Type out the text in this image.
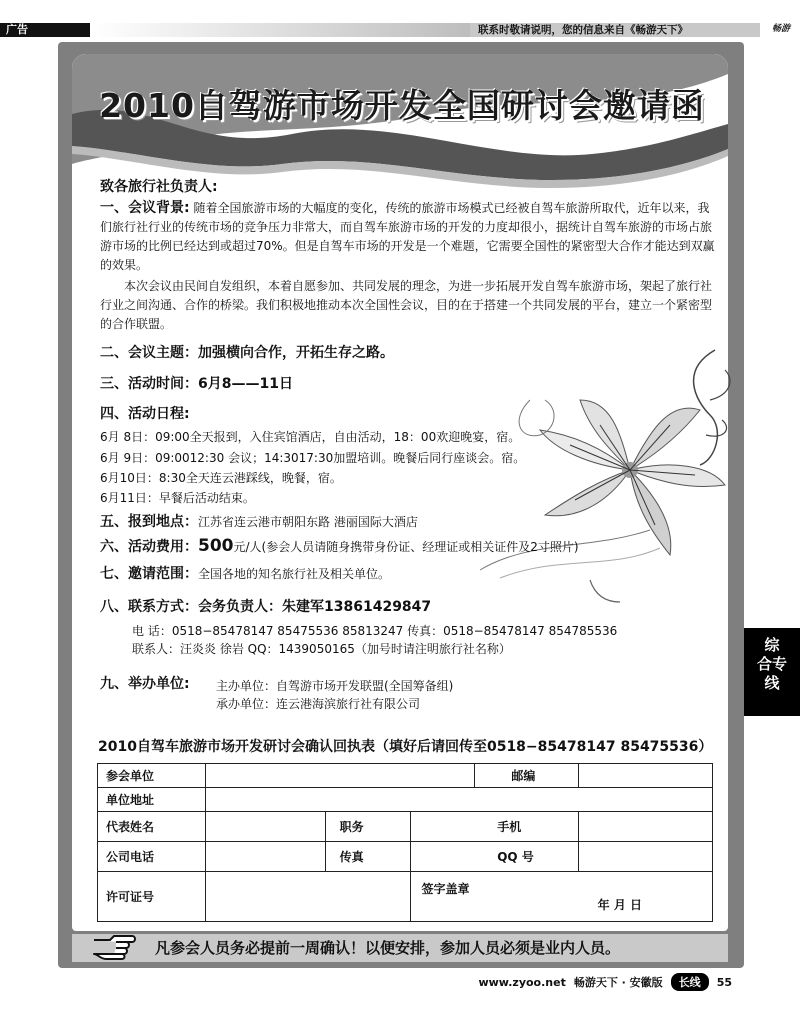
广告	联系时敬请说明，您的信息来自《畅游天下》	畅游
2010自驾游市场开发全国研讨会邀请函
致各旅行社负责人:
一、会议背景: 随着全国旅游市场的大幅度的变化，传统的旅游市场模式已经被自驾车旅游所取代，近年以来，我们旅行社行业的传统市场的竞争压力非常大，而自驾车旅游市场的开发的力度却很小，据统计自驾车旅游的市场占旅游市场的比例已经达到或超过70%。但是自驾车市场的开发是一个难题，它需要全国性的紧密型大合作才能达到双赢的效果。
本次会议由民间自发组织，本着自愿参加、共同发展的理念，为进一步拓展开发自驾车旅游市场，架起了旅行社行业之间沟通、合作的桥梁。我们积极地推动本次全国性会议，目的在于搭建一个共同发展的平台，建立一个紧密型的合作联盟。
二、会议主题：加强横向合作，开拓生存之路。
三、活动时间：6月8——11日
四、活动日程:
6月 8日：09:00全天报到，入住宾馆酒店，自由活动，18：00欢迎晚宴，宿。
6月 9日：09:0012:30 会议；14:3017:30加盟培训。晚餐后同行座谈会。宿。
6月10日：8:30全天连云港踩线，晚餐，宿。
6月11日：早餐后活动结束。
五、报到地点：江苏省连云港市朝阳东路 港丽国际大酒店
六、活动费用：500元/人(参会人员请随身携带身份证、经理证或相关证件及2寸照片)
七、邀请范围：全国各地的知名旅行社及相关单位。
八、联系方式：会务负责人：朱建军13861429847
电 话：0518−85478147 85475536 85813247 传真：0518−85478147 854785536
联系人：汪炎炎 徐岩 QQ：1439050165（加号时请注明旅行社名称）
九、举办单位: 主办单位：自驾游市场开发联盟(全国筹备组)
承办单位：连云港海滨旅行社有限公司
综
合专
线
2010自驾车旅游市场开发研讨会确认回执表（填好后请回传至0518−85478147 85475536）
参会单位				邮编	
单位地址					
代表姓名		职务			手机
公司电话		传真			QQ 号
许可证号			签字盖章
年 月 日		
凡参会人员务必提前一周确认！以便安排，参加人员必须是业内人员。
www.zyoo.net 畅游天下 · 安徽版	长线	55
